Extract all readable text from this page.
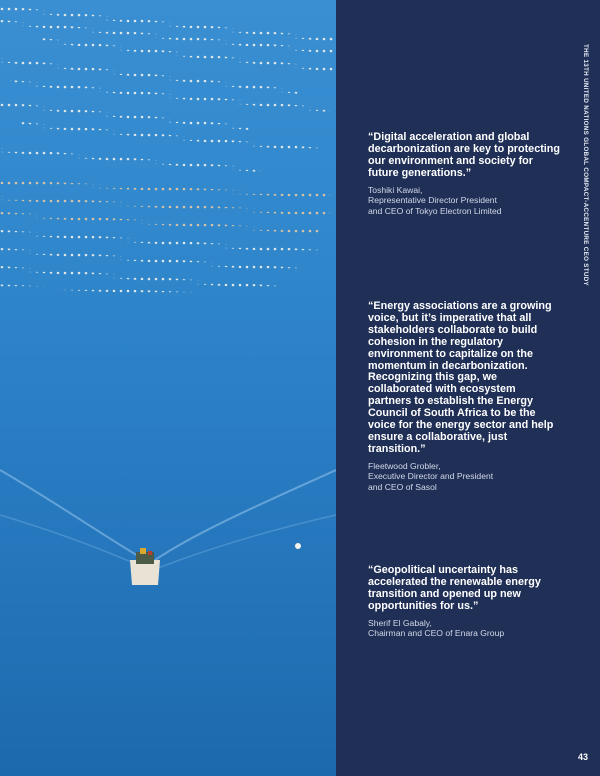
THE 13TH UNITED NATIONS GLOBAL COMPACT-ACCENTURE CEO STUDY

“Digital acceleration and global decarbonization are key to protecting our environment and society for future generations.”

Toshiki Kawai,

Representative Director President

and CEO of Tokyo Electron Limited

“Energy associations are a growing voice, but it’s imperative that all stakeholders collaborate to build cohesion in the regulatory environment to capitalize on the momentum in decarbonization. Recognizing this gap, we collaborated with ecosystem partners to establish the Energy Council of South Africa to be the voice for the energy sector and help ensure a collaborative, just transition.”

Fleetwood Grobler,

Executive Director and President

and CEO of Sasol

“Geopolitical uncertainty has accelerated the renewable energy transition and opened up new opportunities for us.”

Sherif El Gabaly,

Chairman and CEO of Enara Group

43
